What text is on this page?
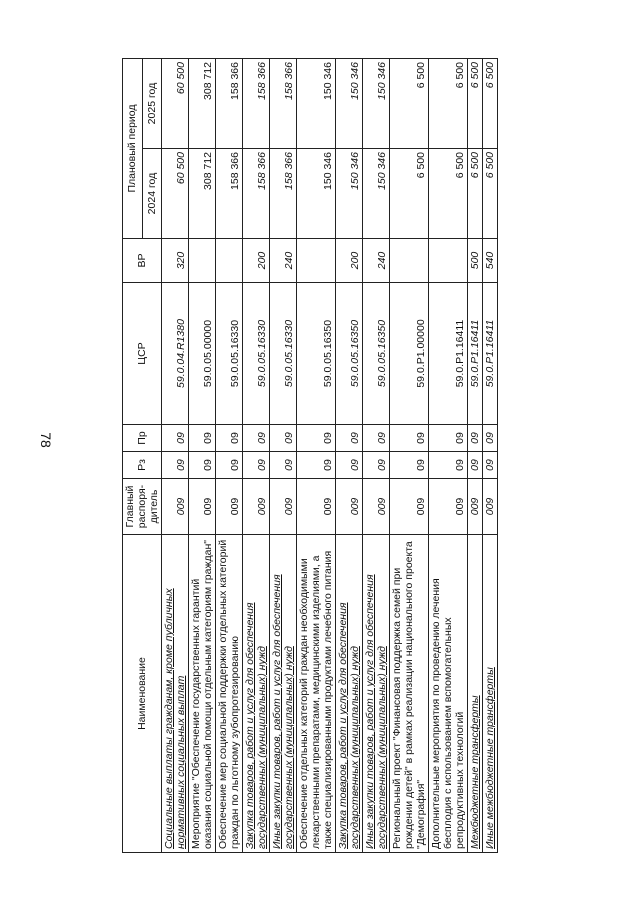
78
Наименование	Главный распоря-дитель	Рз	Пр	ЦСР	ВР	Плановый период	
						2024 год	2025 год
Социальные выплаты гражданам, кроме публичных нормативных социальных выплат	009	09	09	59.0.04.R1380	320	60 500	60 500
Мероприятие "Обеспечение государственных гарантий оказания социальной помощи отдельным категориям граждан"	009	09	09	59.0.05.00000		308 712	308 712
Обеспечение мер социальной поддержки отдельных категорий граждан по льготному зубопротезированию	009	09	09	59.0.05.16330		158 366	158 366
Закупка товаров, работ и услуг для обеспечения государственных (муниципальных) нужд	009	09	09	59.0.05.16330	200	158 366	158 366
Иные закупки товаров, работ и услуг для обеспечения государственных (муниципальных) нужд	009	09	09	59.0.05.16330	240	158 366	158 366
Обеспечение отдельных категорий граждан необходимыми лекарственными препаратами, медицинскими изделиями, а также специализированными продуктами лечебного питания	009	09	09	59.0.05.16350		150 346	150 346
Закупка товаров, работ и услуг для обеспечения государственных (муниципальных) нужд	009	09	09	59.0.05.16350	200	150 346	150 346
Иные закупки товаров, работ и услуг для обеспечения государственных (муниципальных) нужд	009	09	09	59.0.05.16350	240	150 346	150 346
Региональный проект "Финансовая поддержка семей при рождении детей" в рамках реализации национального проекта "Демография"	009	09	09	59.0.Р1.00000		6 500	6 500
Дополнительные мероприятия по проведению лечения бесплодия с использованием вспомогательных репродуктивных технологий	009	09	09	59.0.Р1.16411		6 500	6 500
Межбюджетные трансферты	009	09	09	59.0.Р1.16411	500	6 500	6 500
Иные межбюджетные трансферты	009	09	09	59.0.Р1.16411	540	6 500	6 500
